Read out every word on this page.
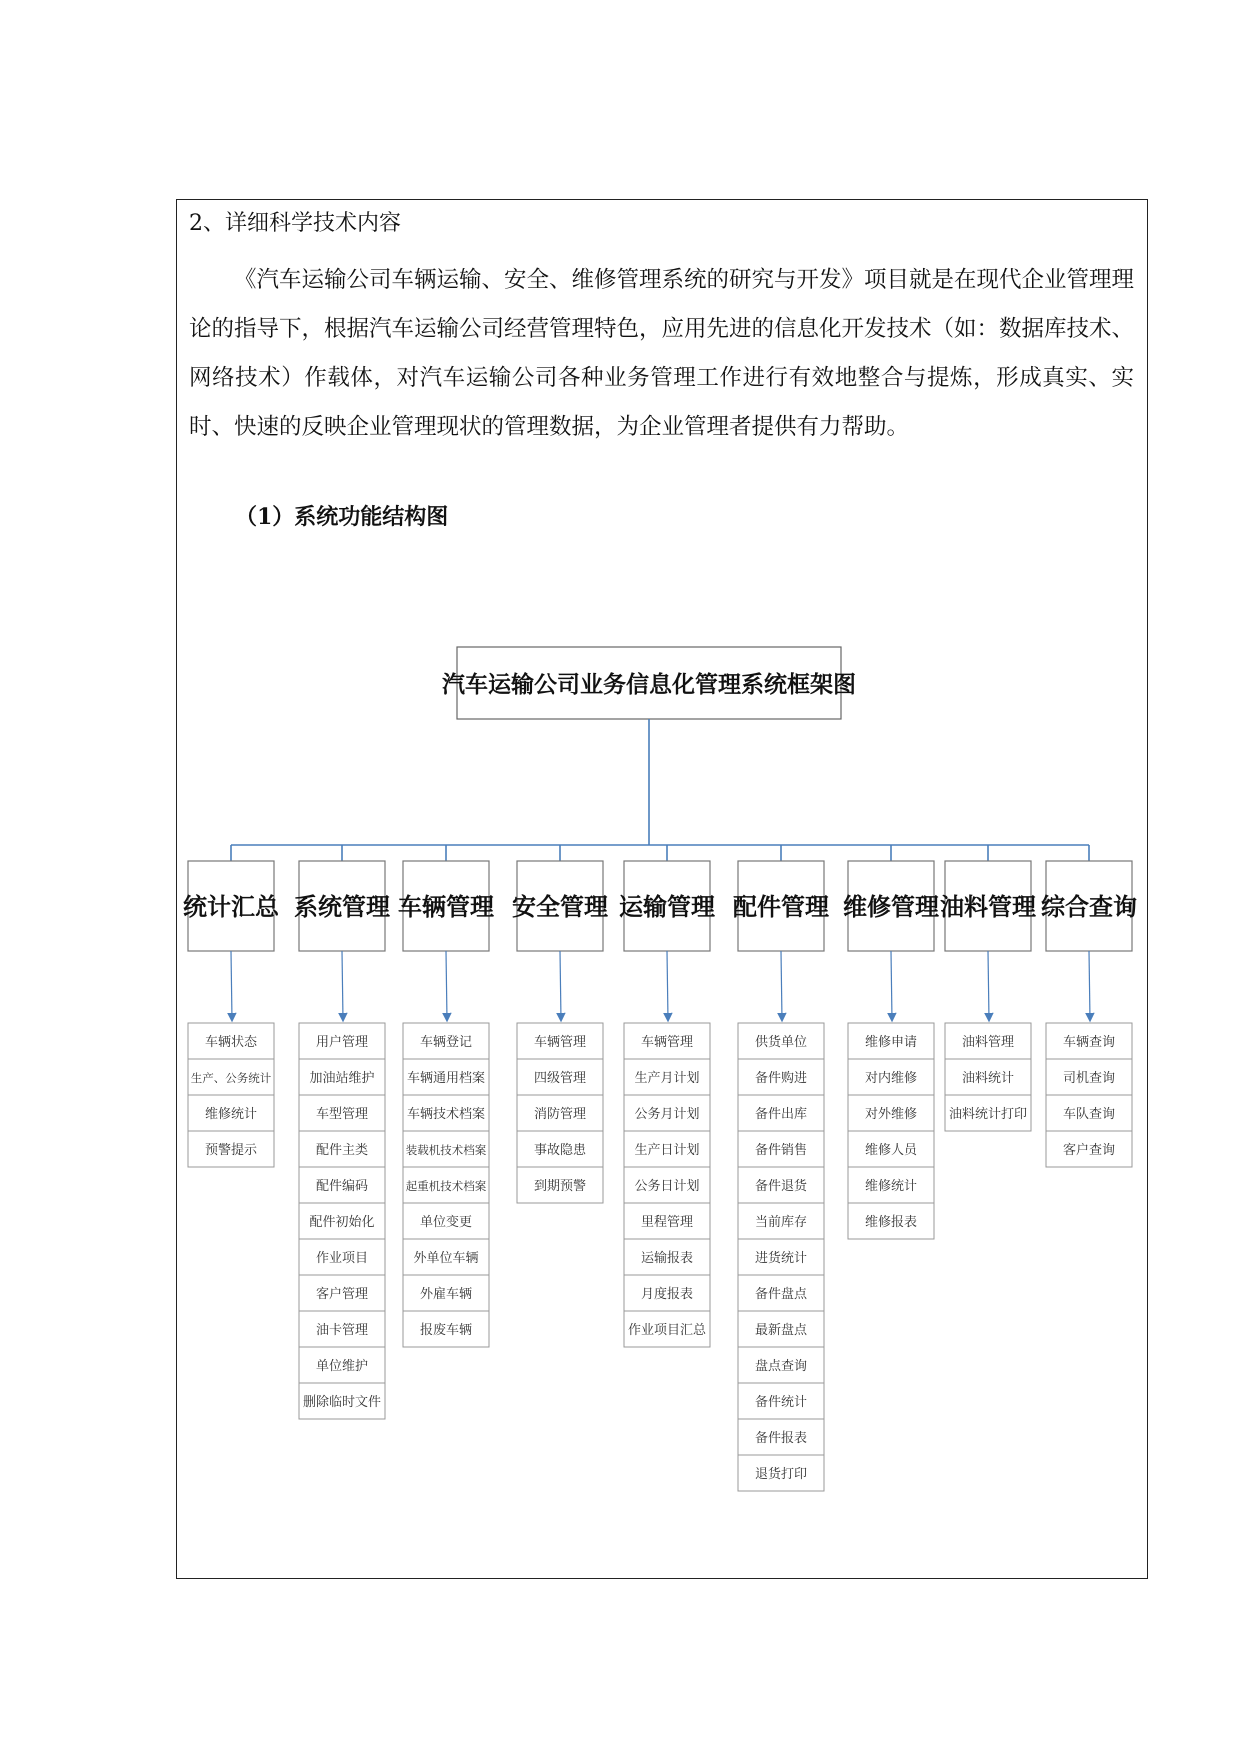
2、详细科学技术内容

《汽车运输公司车辆运输、安全、维修管理系统的研究与开发》项目就是在现代企业管理理论的指导下，根据汽车运输公司经营管理特色，应用先进的信息化开发技术（如：数据库技术、网络技术）作载体，对汽车运输公司各种业务管理工作进行有效地整合与提炼，形成真实、实时、快速的反映企业管理现状的管理数据，为企业管理者提供有力帮助。

（1）系统功能结构图
汽车运输公司业务信息化管理系统框架图
统计汇总
车辆状态
生产、公务统计
维修统计
预警提示
系统管理
用户管理
加油站维护
车型管理
配件主类
配件编码
配件初始化
作业项目
客户管理
油卡管理
单位维护
删除临时文件
车辆管理
车辆登记
车辆通用档案
车辆技术档案
装载机技术档案
起重机技术档案
单位变更
外单位车辆
外雇车辆
报废车辆
安全管理
车辆管理
四级管理
消防管理
事故隐患
到期预警
运输管理
车辆管理
生产月计划
公务月计划
生产日计划
公务日计划
里程管理
运输报表
月度报表
作业项目汇总
配件管理
供货单位
备件购进
备件出库
备件销售
备件退货
当前库存
进货统计
备件盘点
最新盘点
盘点查询
备件统计
备件报表
退货打印
维修管理
维修申请
对内维修
对外维修
维修人员
维修统计
维修报表
油料管理
油料管理
油料统计
油料统计打印
综合查询
车辆查询
司机查询
车队查询
客户查询
